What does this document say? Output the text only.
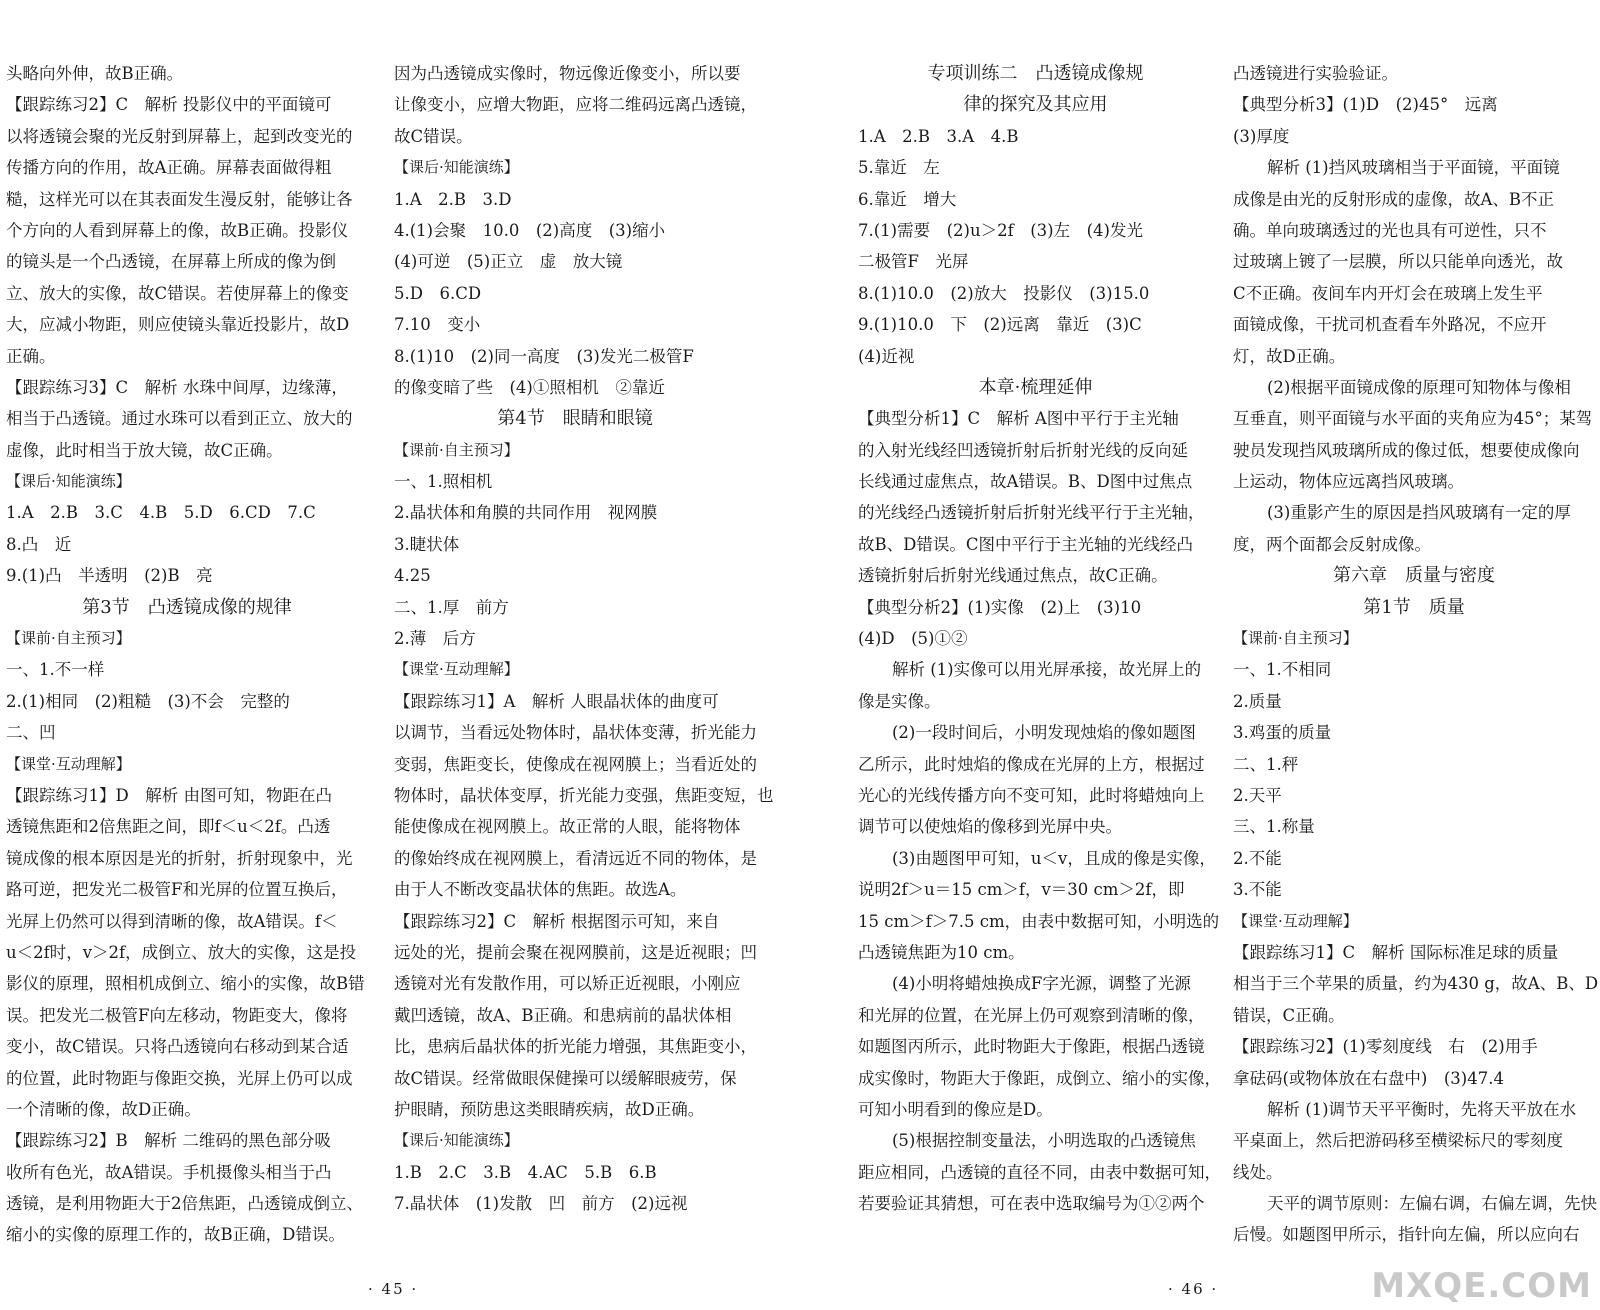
头略向外伸，故B正确。
【跟踪练习2】C　解析 投影仪中的平面镜可
以将透镜会聚的光反射到屏幕上，起到改变光的
传播方向的作用，故A正确。屏幕表面做得粗
糙，这样光可以在其表面发生漫反射，能够让各
个方向的人看到屏幕上的像，故B正确。投影仪
的镜头是一个凸透镜，在屏幕上所成的像为倒
立、放大的实像，故C错误。若使屏幕上的像变
大，应减小物距，则应使镜头靠近投影片，故D
正确。
【跟踪练习3】C　解析 水珠中间厚，边缘薄，
相当于凸透镜。通过水珠可以看到正立、放大的
虚像，此时相当于放大镜，故C正确。
【课后·知能演练】
1.A　2.B　3.C　4.B　5.D　6.CD　7.C
8.凸　近
9.(1)凸　半透明　(2)B　亮
第3节　凸透镜成像的规律
【课前·自主预习】
一、1.不一样
2.(1)相同　(2)粗糙　(3)不会　完整的
二、凹
【课堂·互动理解】
【跟踪练习1】D　解析 由图可知，物距在凸
透镜焦距和2倍焦距之间，即f＜u＜2f。凸透
镜成像的根本原因是光的折射，折射现象中，光
路可逆，把发光二极管F和光屏的位置互换后，
光屏上仍然可以得到清晰的像，故A错误。f＜
u＜2f时，v＞2f，成倒立、放大的实像，这是投
影仪的原理，照相机成倒立、缩小的实像，故B错
误。把发光二极管F向左移动，物距变大，像将
变小，故C错误。只将凸透镜向右移动到某合适
的位置，此时物距与像距交换，光屏上仍可以成
一个清晰的像，故D正确。
【跟踪练习2】B　解析 二维码的黑色部分吸
收所有色光，故A错误。手机摄像头相当于凸
透镜，是利用物距大于2倍焦距，凸透镜成倒立、
缩小的实像的原理工作的，故B正确，D错误。
因为凸透镜成实像时，物远像近像变小，所以要
让像变小，应增大物距，应将二维码远离凸透镜，
故C错误。
【课后·知能演练】
1.A　2.B　3.D
4.(1)会聚　10.0　(2)高度　(3)缩小
(4)可逆　(5)正立　虚　放大镜
5.D　6.CD
7.10　变小
8.(1)10　(2)同一高度　(3)发光二极管F
的像变暗了些　(4)①照相机　②靠近
第4节　眼睛和眼镜
【课前·自主预习】
一、1.照相机
2.晶状体和角膜的共同作用　视网膜
3.睫状体
4.25
二、1.厚　前方
2.薄　后方
【课堂·互动理解】
【跟踪练习1】A　解析 人眼晶状体的曲度可
以调节，当看远处物体时，晶状体变薄，折光能力
变弱，焦距变长，使像成在视网膜上；当看近处的
物体时，晶状体变厚，折光能力变强，焦距变短，也
能使像成在视网膜上。故正常的人眼，能将物体
的像始终成在视网膜上，看清远近不同的物体，是
由于人不断改变晶状体的焦距。故选A。
【跟踪练习2】C　解析 根据图示可知，来自
远处的光，提前会聚在视网膜前，这是近视眼；凹
透镜对光有发散作用，可以矫正近视眼，小刚应
戴凹透镜，故A、B正确。和患病前的晶状体相
比，患病后晶状体的折光能力增强，其焦距变小，
故C错误。经常做眼保健操可以缓解眼疲劳，保
护眼睛，预防患这类眼睛疾病，故D正确。
【课后·知能演练】
1.B　2.C　3.B　4.AC　5.B　6.B
7.晶状体　(1)发散　凹　前方　(2)远视
专项训练二　凸透镜成像规
律的探究及其应用
1.A　2.B　3.A　4.B
5.靠近　左
6.靠近　增大
7.(1)需要　(2)u＞2f　(3)左　(4)发光
二极管F　光屏
8.(1)10.0　(2)放大　投影仪　(3)15.0
9.(1)10.0　下　(2)远离　靠近　(3)C
(4)近视
本章·梳理延伸
【典型分析1】C　解析 A图中平行于主光轴
的入射光线经凹透镜折射后折射光线的反向延
长线通过虚焦点，故A错误。B、D图中过焦点
的光线经凸透镜折射后折射光线平行于主光轴，
故B、D错误。C图中平行于主光轴的光线经凸
透镜折射后折射光线通过焦点，故C正确。
【典型分析2】(1)实像　(2)上　(3)10
(4)D　(5)①②
解析 (1)实像可以用光屏承接，故光屏上的
像是实像。
(2)一段时间后，小明发现烛焰的像如题图
乙所示，此时烛焰的像成在光屏的上方，根据过
光心的光线传播方向不变可知，此时将蜡烛向上
调节可以使烛焰的像移到光屏中央。
(3)由题图甲可知，u＜v，且成的像是实像，
说明2f＞u＝15 cm＞f，v＝30 cm＞2f，即
15 cm＞f＞7.5 cm，由表中数据可知，小明选的
凸透镜焦距为10 cm。
(4)小明将蜡烛换成F字光源，调整了光源
和光屏的位置，在光屏上仍可观察到清晰的像，
如题图丙所示，此时物距大于像距，根据凸透镜
成实像时，物距大于像距，成倒立、缩小的实像，
可知小明看到的像应是D。
(5)根据控制变量法，小明选取的凸透镜焦
距应相同，凸透镜的直径不同，由表中数据可知，
若要验证其猜想，可在表中选取编号为①②两个
凸透镜进行实验验证。
【典型分析3】(1)D　(2)45°　远离
(3)厚度
解析 (1)挡风玻璃相当于平面镜，平面镜
成像是由光的反射形成的虚像，故A、B不正
确。单向玻璃透过的光也具有可逆性，只不
过玻璃上镀了一层膜，所以只能单向透光，故
C不正确。夜间车内开灯会在玻璃上发生平
面镜成像，干扰司机查看车外路况，不应开
灯，故D正确。
(2)根据平面镜成像的原理可知物体与像相
互垂直，则平面镜与水平面的夹角应为45°；某驾
驶员发现挡风玻璃所成的像过低，想要使成像向
上运动，物体应远离挡风玻璃。
(3)重影产生的原因是挡风玻璃有一定的厚
度，两个面都会反射成像。
第六章　质量与密度
第1节　质量
【课前·自主预习】
一、1.不相同
2.质量
3.鸡蛋的质量
二、1.秤
2.天平
三、1.称量
2.不能
3.不能
【课堂·互动理解】
【跟踪练习1】C　解析 国际标准足球的质量
相当于三个苹果的质量，约为430 g，故A、B、D
错误，C正确。
【跟踪练习2】(1)零刻度线　右　(2)用手
拿砝码(或物体放在右盘中)　(3)47.4
解析 (1)调节天平平衡时，先将天平放在水
平桌面上，然后把游码移至横梁标尺的零刻度
线处。
天平的调节原则：左偏右调，右偏左调，先快
后慢。如题图甲所示，指针向左偏，所以应向右
· 45 ·	· 46 ·	MXQE.COM
